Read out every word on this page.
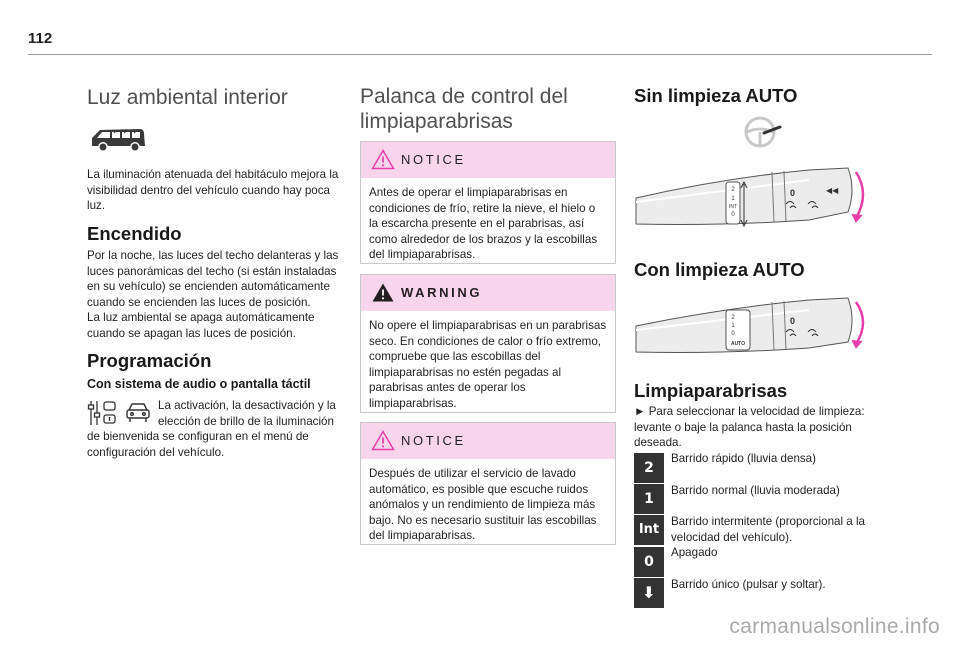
112
Luz ambiental interior
La iluminación atenuada del habitáculo mejora la visibilidad dentro del vehículo cuando hay poca luz.
Encendido
Por la noche, las luces del techo delanteras y las luces panorámicas del techo (si están instaladas en su vehículo) se encienden automáticamente cuando se encienden las luces de posición.
La luz ambiental se apaga automáticamente cuando se apagan las luces de posición.
Programación
Con sistema de audio o pantalla táctil
La activación, la desactivación y la elección de brillo de la iluminación
de bienvenida se configuran en el menú de configuración del vehículo.
Palanca de control del
limpiaparabrisas
NOTICE
Antes de operar el limpiaparabrisas en condiciones de frío, retire la nieve, el hielo o la escarcha presente en el parabrisas, así como alrededor de los brazos y la escobillas del limpiaparabrisas.
WARNING
No opere el limpiaparabrisas en un parabrisas seco. En condiciones de calor o frío extremo, compruebe que las escobillas del limpiaparabrisas no estén pegadas al parabrisas antes de operar los limpiaparabrisas.
NOTICE
Después de utilizar el servicio de lavado automático, es posible que escuche ruidos anómalos y un rendimiento de limpieza más bajo. No es necesario sustituir las escobillas del limpiaparabrisas.
Sin limpieza AUTO
2
1
INT
0
0	◀◀
Con limpieza AUTO
2
1
0
AUTO
0
Limpiaparabrisas
► Para seleccionar la velocidad de limpieza: levante o baje la palanca hasta la posición deseada.
2
Barrido rápido (lluvia densa)
1
Barrido normal (lluvia moderada)
Int
Barrido intermitente (proporcional a la velocidad del vehículo).
0
Apagado
⬇	Barrido único (pulsar y soltar).
carmanualsonline.info
